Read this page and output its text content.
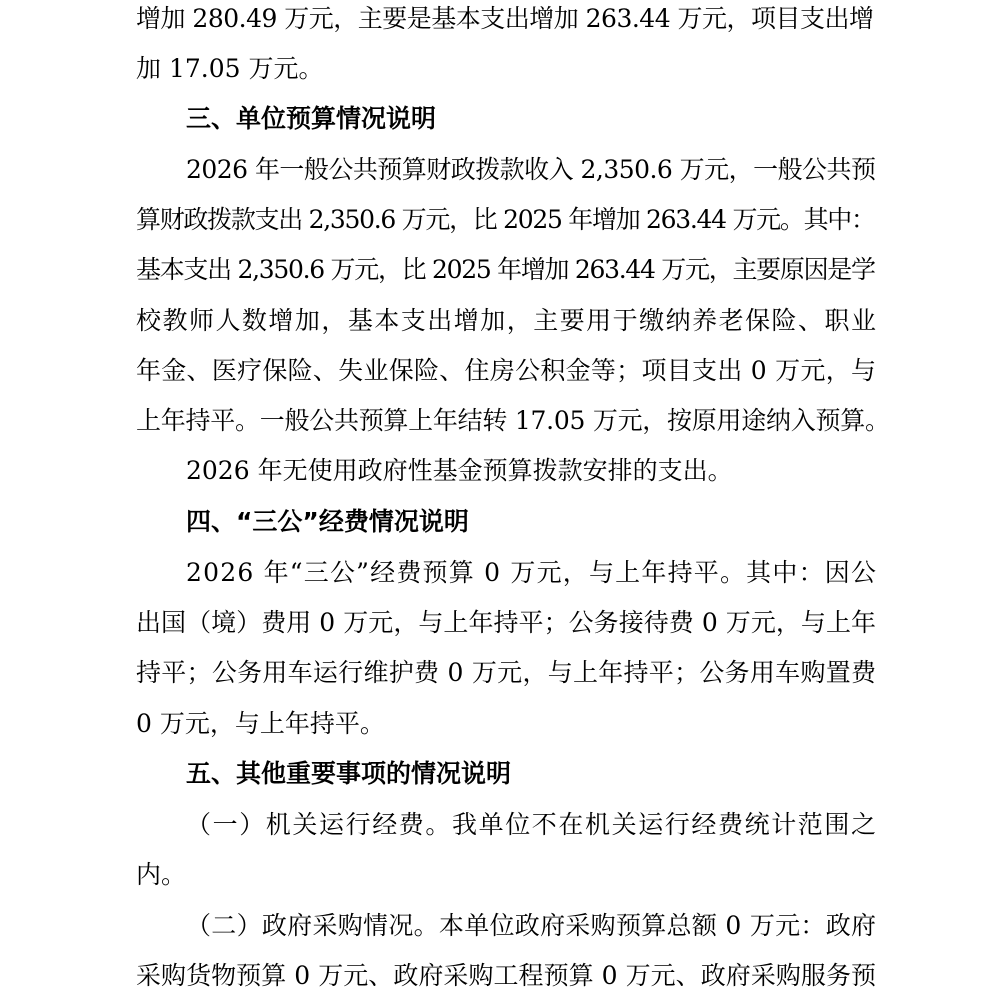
增加 280.49 万元，主要是基本支出增加 263.44 万元，项目支出增
加 17.05 万元。
三、单位预算情况说明
2026 年一般公共预算财政拨款收入 2,350.6 万元，一般公共预
算财政拨款支出 2,350.6 万元，比 2025 年增加 263.44 万元。其中：
基本支出 2,350.6 万元，比 2025 年增加 263.44 万元，主要原因是学
校教师人数增加，基本支出增加，主要用于缴纳养老保险、职业
年金、医疗保险、失业保险、住房公积金等；项目支出 0 万元，与
上年持平。一般公共预算上年结转 17.05 万元，按原用途纳入预算。
2026 年无使用政府性基金预算拨款安排的支出。
四、“三公”经费情况说明
2026 年“三公”经费预算 0 万元，与上年持平。其中：因公
出国（境）费用 0 万元，与上年持平；公务接待费 0 万元，与上年
持平；公务用车运行维护费 0 万元，与上年持平；公务用车购置费
0 万元，与上年持平。
五、其他重要事项的情况说明
（一）机关运行经费。我单位不在机关运行经费统计范围之
内。
（二）政府采购情况。本单位政府采购预算总额 0 万元：政府
采购货物预算 0 万元、政府采购工程预算 0 万元、政府采购服务预
